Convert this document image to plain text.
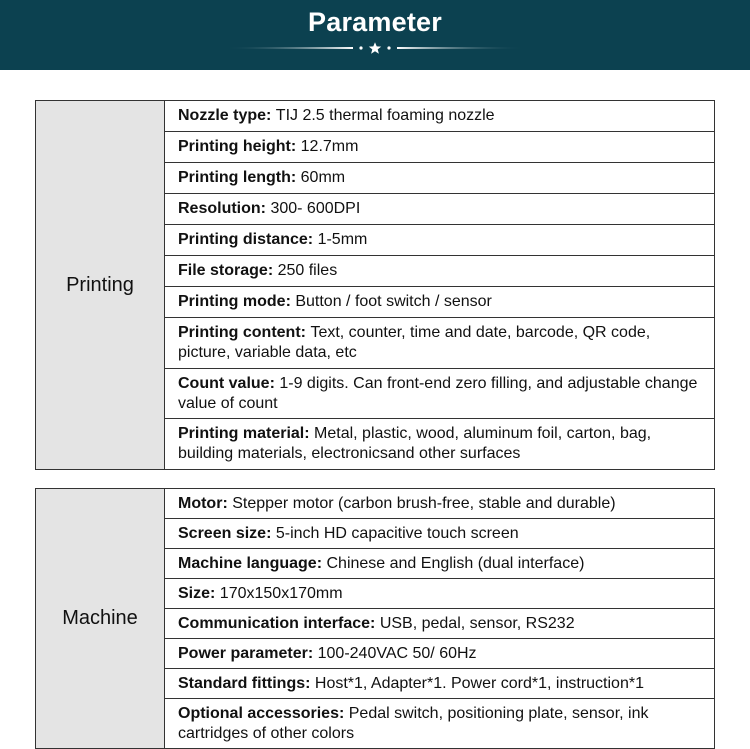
Parameter
Printing	Nozzle type: TIJ 2.5 thermal foaming nozzle
Printing height: 12.7mm
Printing length: 60mm
Resolution: 300- 600DPI
Printing distance: 1-5mm
File storage: 250 files
Printing mode: Button / foot switch / sensor
Printing content: Text, counter, time and date, barcode, QR code, picture, variable data, etc
Count value: 1-9 digits. Can front-end zero filling, and adjustable change value of count
Printing material: Metal, plastic, wood, aluminum foil, carton, bag, building materials, electronicsand other surfaces
Machine	Motor: Stepper motor (carbon brush-free, stable and durable)
Screen size: 5-inch HD capacitive touch screen
Machine language: Chinese and English (dual interface)
Size: 170x150x170mm
Communication interface: USB, pedal, sensor, RS232
Power parameter: 100-240VAC 50/ 60Hz
Standard fittings: Host*1, Adapter*1. Power cord*1, instruction*1
Optional accessories: Pedal switch, positioning plate, sensor, ink cartridges of other colors
